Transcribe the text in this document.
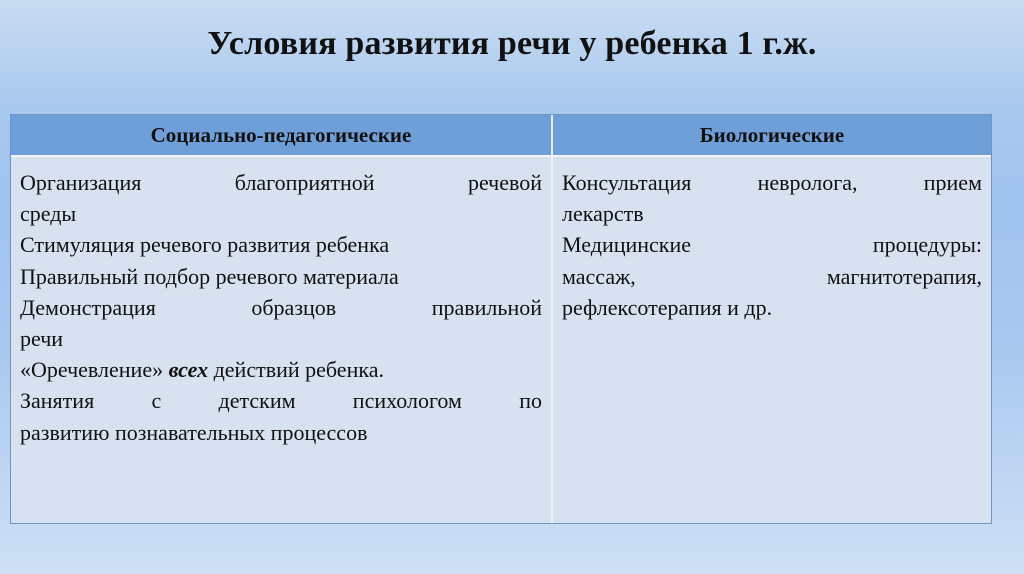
Условия развития речи у ребенка 1 г.ж.
Социально-педагогические	Биологические
Организация благоприятной речевой
среды
Стимуляция речевого развития ребенка
Правильный подбор речевого материала
Демонстрация образцов правильной
речи
«Оречевление» всех действий ребенка.
Занятия с детским психологом по
развитию познавательных процессов
Консультация невролога, прием
лекарств
Медицинские процедуры:
массаж, магнитотерапия,
рефлексотерапия и др.
